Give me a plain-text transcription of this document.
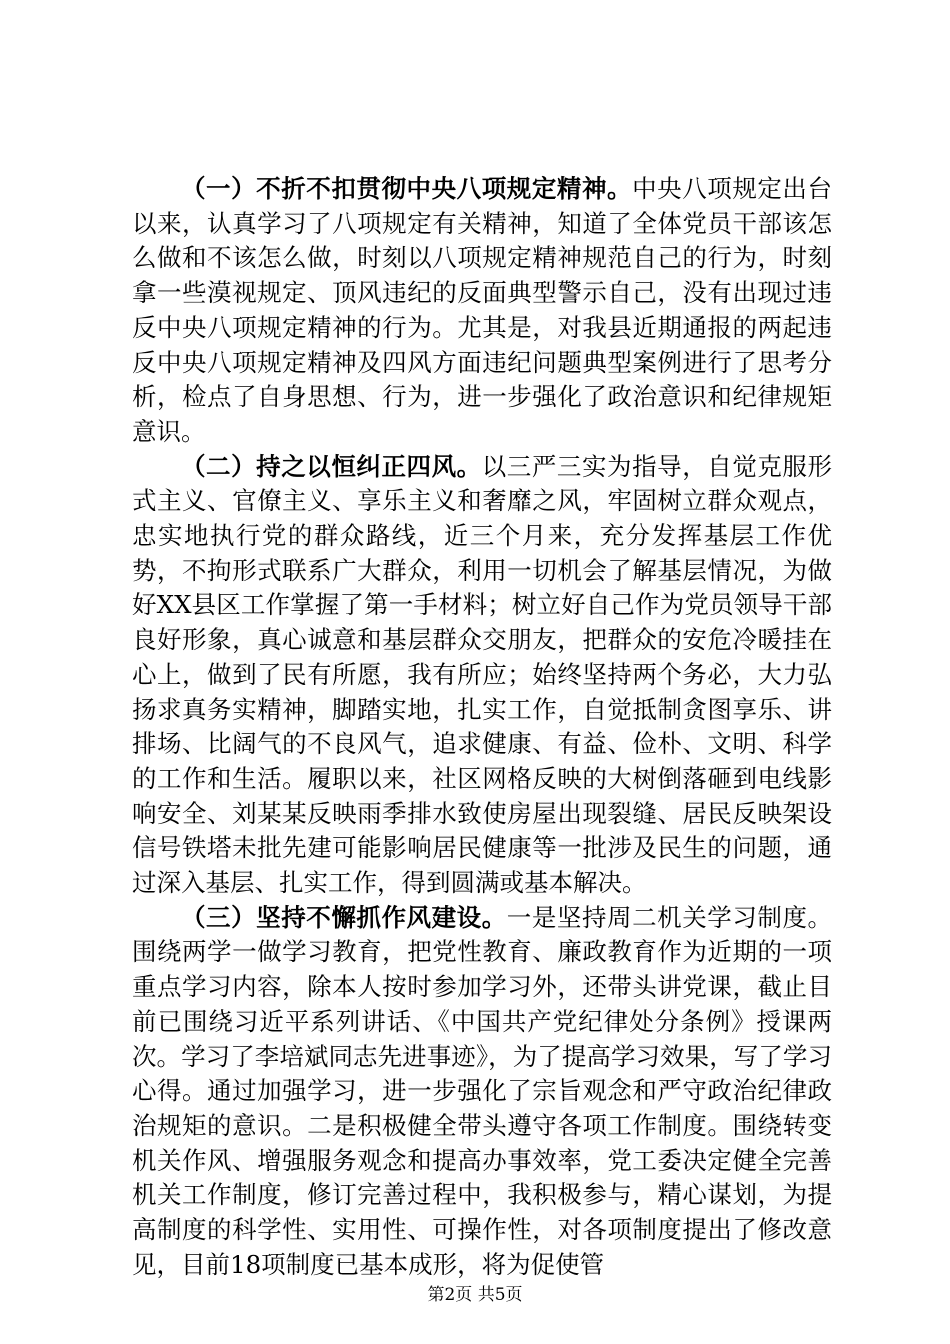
（一）不折不扣贯彻中央八项规定精神。中央八项规定出台以来，认真学习了八项规定有关精神，知道了全体党员干部该怎么做和不该怎么做，时刻以八项规定精神规范自己的行为，时刻拿一些漠视规定、顶风违纪的反面典型警示自己，没有出现过违反中央八项规定精神的行为。尤其是，对我县近期通报的两起违反中央八项规定精神及四风方面违纪问题典型案例进行了思考分析，检点了自身思想、行为，进一步强化了政治意识和纪律规矩意识。

（二）持之以恒纠正四风。以三严三实为指导，自觉克服形式主义、官僚主义、享乐主义和奢靡之风，牢固树立群众观点，忠实地执行党的群众路线，近三个月来，充分发挥基层工作优势，不拘形式联系广大群众，利用一切机会了解基层情况，为做好XX县区工作掌握了第一手材料；树立好自己作为党员领导干部良好形象，真心诚意和基层群众交朋友，把群众的安危冷暖挂在心上，做到了民有所愿，我有所应；始终坚持两个务必，大力弘扬求真务实精神，脚踏实地，扎实工作，自觉抵制贪图享乐、讲排场、比阔气的不良风气，追求健康、有益、俭朴、文明、科学的工作和生活。履职以来，社区网格反映的大树倒落砸到电线影响安全、刘某某反映雨季排水致使房屋出现裂缝、居民反映架设信号铁塔未批先建可能影响居民健康等一批涉及民生的问题，通过深入基层、扎实工作，得到圆满或基本解决。

（三）坚持不懈抓作风建设。一是坚持周二机关学习制度。围绕两学一做学习教育，把党性教育、廉政教育作为近期的一项重点学习内容，除本人按时参加学习外，还带头讲党课，截止目前已围绕习近平系列讲话、《中国共产党纪律处分条例》授课两次。学习了李培斌同志先进事迹》，为了提高学习效果，写了学习心得。通过加强学习，进一步强化了宗旨观念和严守政治纪律政治规矩的意识。二是积极健全带头遵守各项工作制度。围绕转变机关作风、增强服务观念和提高办事效率，党工委决定健全完善机关工作制度，修订完善过程中，我积极参与，精心谋划，为提高制度的科学性、实用性、可操作性，对各项制度提出了修改意见，目前18项制度已基本成形，将为促使管

第2页 共5页
